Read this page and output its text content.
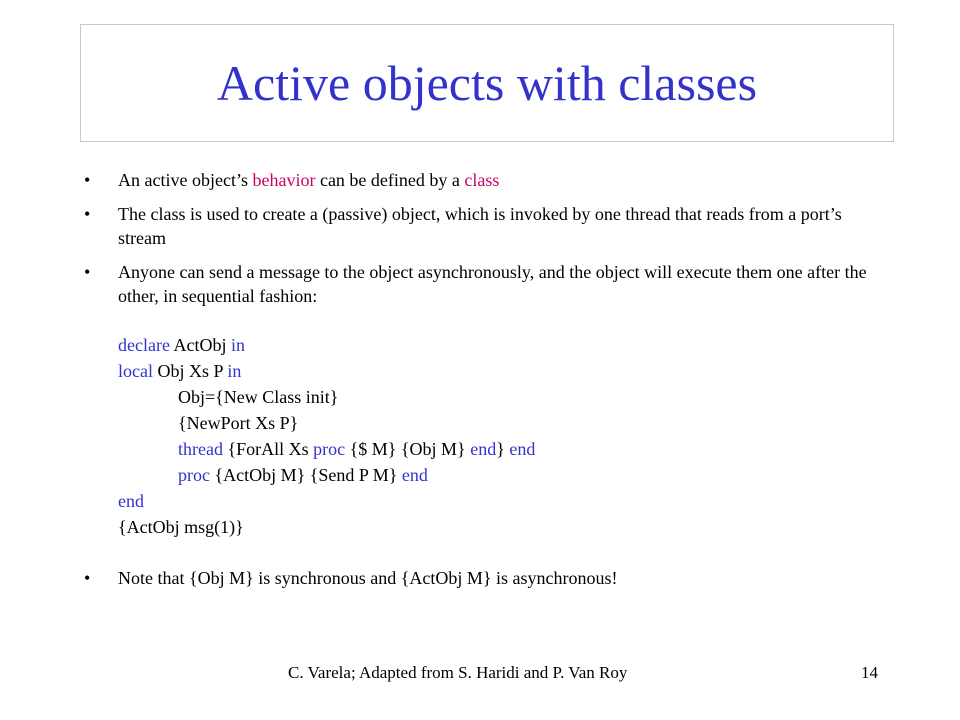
Active objects with classes
• An active object’s behavior can be defined by a class
• The class is used to create a (passive) object, which is invoked by one thread that reads from a port’s stream
• Anyone can send a message to the object asynchronously, and the object will execute them one after the other, in sequential fashion:
declare ActObj in
local Obj Xs P in
Obj={New Class init}
{NewPort Xs P}
thread {ForAll Xs proc {$ M} {Obj M} end} end
proc {ActObj M} {Send P M} end
end
{ActObj msg(1)}
• Note that {Obj M} is synchronous and {ActObj M} is asynchronous!
C. Varela; Adapted from S. Haridi and P. Van Roy	14
